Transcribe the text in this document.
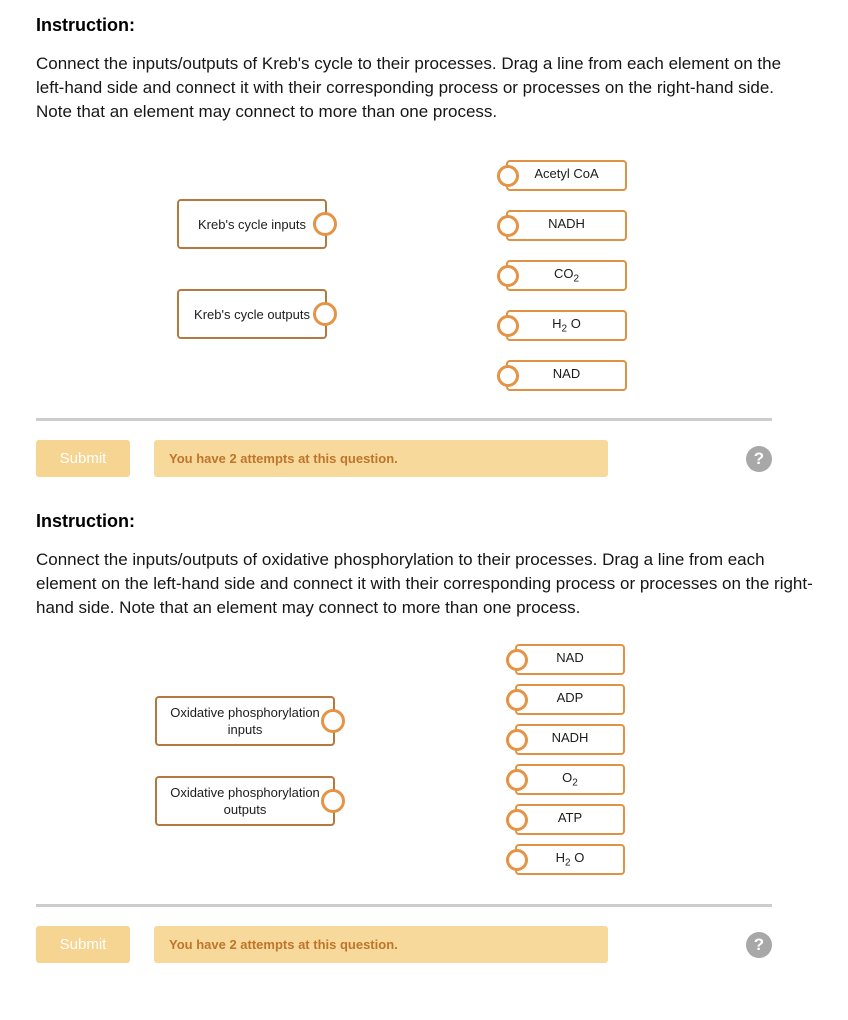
Instruction:

Connect the inputs/outputs of Kreb's cycle to their processes. Drag a line from each element on the left-hand side and connect it with their corresponding process or processes on the right-hand side. Note that an element may connect to more than one process.

Kreb's cycle inputs
Kreb's cycle outputs
Acetyl CoA
NADH
$CO_2$
$H_2$ O
NAD
Submit	You have 2 attempts at this question.	?
Instruction:

Connect the inputs/outputs of oxidative phosphorylation to their processes. Drag a line from each element on the left-hand side and connect it with their corresponding process or processes on the right-hand side. Note that an element may connect to more than one process.

Oxidative phosphorylation inputs
Oxidative phosphorylation outputs
NAD
ADP
NADH
$O_2$
ATP
$H_2$ O
Submit	You have 2 attempts at this question.	?
